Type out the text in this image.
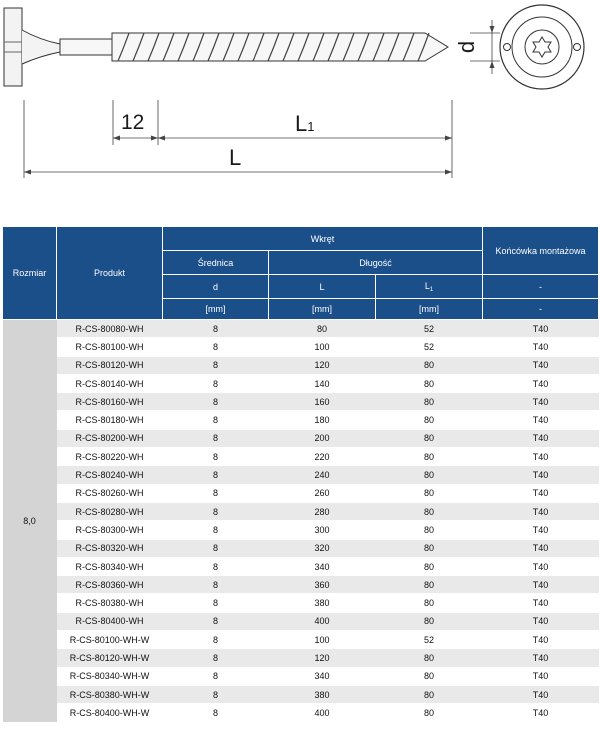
12	L1
L
d
Rozmiar	Produkt	Wkręt			Końcówka montażowa
		Średnica	Długość		
		d	L	$L_1$	-
		[mm]	[mm]	[mm]	-
8,0	R-CS-80080-WH	8	80	52	T40
	R-CS-80100-WH	8	100	52	T40
	R-CS-80120-WH	8	120	80	T40
	R-CS-80140-WH	8	140	80	T40
	R-CS-80160-WH	8	160	80	T40
	R-CS-80180-WH	8	180	80	T40
	R-CS-80200-WH	8	200	80	T40
	R-CS-80220-WH	8	220	80	T40
	R-CS-80240-WH	8	240	80	T40
	R-CS-80260-WH	8	260	80	T40
	R-CS-80280-WH	8	280	80	T40
	R-CS-80300-WH	8	300	80	T40
	R-CS-80320-WH	8	320	80	T40
	R-CS-80340-WH	8	340	80	T40
	R-CS-80360-WH	8	360	80	T40
	R-CS-80380-WH	8	380	80	T40
	R-CS-80400-WH	8	400	80	T40
	R-CS-80100-WH-W	8	100	52	T40
	R-CS-80120-WH-W	8	120	80	T40
	R-CS-80340-WH-W	8	340	80	T40
	R-CS-80380-WH-W	8	380	80	T40
	R-CS-80400-WH-W	8	400	80	T40
